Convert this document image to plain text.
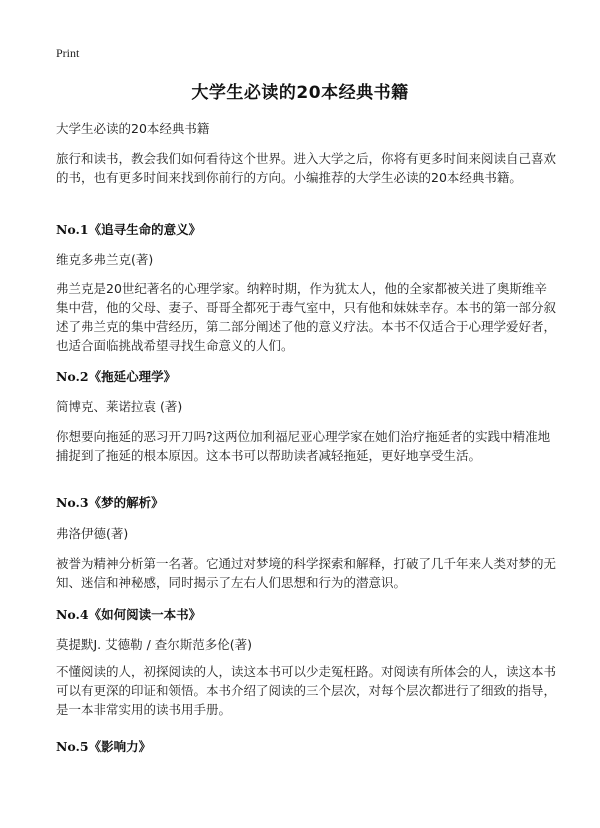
Print
大学生必读的20本经典书籍
大学生必读的20本经典书籍
旅行和读书，教会我们如何看待这个世界。进入大学之后，你将有更多时间来阅读自己喜欢的书，也有更多时间来找到你前行的方向。小编推荐的大学生必读的20本经典书籍。
No.1《追寻生命的意义》
维克多弗兰克(著)
弗兰克是20世纪著名的心理学家。纳粹时期，作为犹太人，他的全家都被关进了奥斯维辛集中营，他的父母、妻子、哥哥全都死于毒气室中，只有他和妹妹幸存。本书的第一部分叙述了弗兰克的集中营经历，第二部分阐述了他的意义疗法。本书不仅适合于心理学爱好者，也适合面临挑战希望寻找生命意义的人们。
No.2《拖延心理学》
简博克、莱诺拉袁 (著)
你想要向拖延的恶习开刀吗?这两位加利福尼亚心理学家在她们治疗拖延者的实践中精准地捕捉到了拖延的根本原因。这本书可以帮助读者减轻拖延，更好地享受生活。
No.3《梦的解析》
弗洛伊德(著)
被誉为精神分析第一名著。它通过对梦境的科学探索和解释，打破了几千年来人类对梦的无知、迷信和神秘感，同时揭示了左右人们思想和行为的潜意识。
No.4《如何阅读一本书》
莫提默J. 艾德勒 / 查尔斯范多伦(著)
不懂阅读的人，初探阅读的人，读这本书可以少走冤枉路。对阅读有所体会的人，读这本书可以有更深的印证和领悟。本书介绍了阅读的三个层次，对每个层次都进行了细致的指导，是一本非常实用的读书用手册。
No.5《影响力》
